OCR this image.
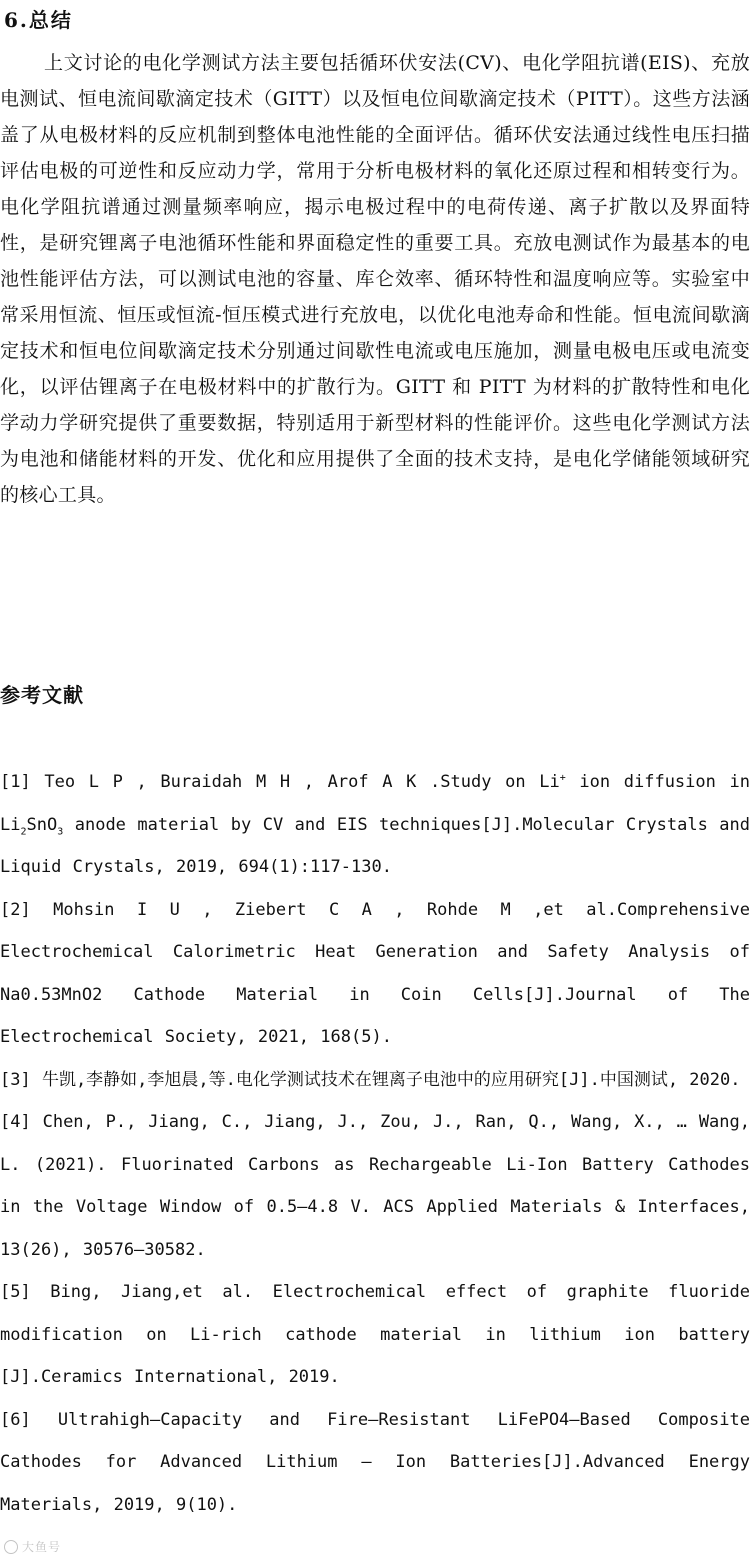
6.总结

上文讨论的电化学测试方法主要包括循环伏安法(CV)、电化学阻抗谱(EIS)、充放电测试、恒电流间歇滴定技术（GITT）以及恒电位间歇滴定技术（PITT）。这些方法涵盖了从电极材料的反应机制到整体电池性能的全面评估。循环伏安法通过线性电压扫描评估电极的可逆性和反应动力学，常用于分析电极材料的氧化还原过程和相转变行为。电化学阻抗谱通过测量频率响应，揭示电极过程中的电荷传递、离子扩散以及界面特性，是研究锂离子电池循环性能和界面稳定性的重要工具。充放电测试作为最基本的电池性能评估方法，可以测试电池的容量、库仑效率、循环特性和温度响应等。实验室中常采用恒流、恒压或恒流-恒压模式进行充放电，以优化电池寿命和性能。恒电流间歇滴定技术和恒电位间歇滴定技术分别通过间歇性电流或电压施加，测量电极电压或电流变化，以评估锂离子在电极材料中的扩散行为。GITT 和 PITT 为材料的扩散特性和电化学动力学研究提供了重要数据，特别适用于新型材料的性能评价。这些电化学测试方法为电池和储能材料的开发、优化和应用提供了全面的技术支持，是电化学储能领域研究的核心工具。

参考文献
[1] Teo L P , Buraidah M H , Arof A K .Study on Li+ ion diffusion in $Li_2SnO_3$ anode material by CV and EIS techniques[J].Molecular Crystals and Liquid Crystals, 2019, 694(1):117-130.
[2] Mohsin I U , Ziebert C A , Rohde M ,et al.Comprehensive Electrochemical Calorimetric Heat Generation and Safety Analysis of Na0.53MnO2 Cathode Material in Coin Cells[J].Journal of The Electrochemical Society, 2021, 168(5).
[3] 牛凯,李静如,李旭晨,等.电化学测试技术在锂离子电池中的应用研究[J].中国测试, 2020.
[4] Chen, P., Jiang, C., Jiang, J., Zou, J., Ran, Q., Wang, X., … Wang, L. (2021). Fluorinated Carbons as Rechargeable Li-Ion Battery Cathodes in the Voltage Window of 0.5–4.8 V. ACS Applied Materials & Interfaces, 13(26), 30576–30582.
[5] Bing, Jiang,et al. Electrochemical effect of graphite fluoride modification on Li-rich cathode material in lithium ion battery [J].Ceramics International, 2019.
[6] Ultrahigh–Capacity and Fire–Resistant LiFePO4–Based Composite Cathodes for Advanced Lithium – Ion Batteries[J].Advanced Energy Materials, 2019, 9(10).
大鱼号
